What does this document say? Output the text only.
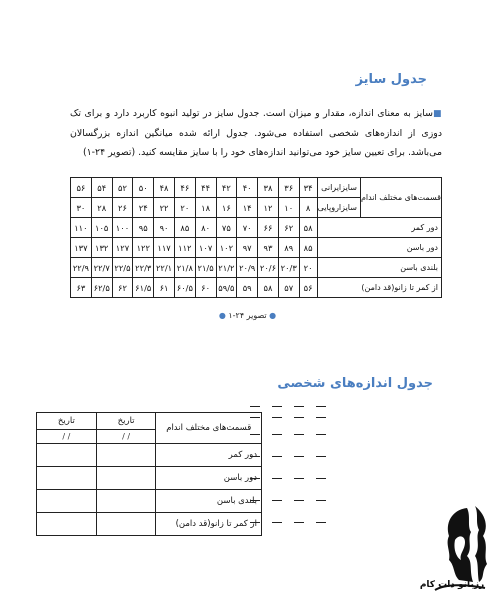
جدول سایز
■سایز به معنای اندازه، مقدار و میزان است. جدول سایز در تولید انبوه کاربرد دارد و برای تک دوزی از اندازه‌های شخصی استفاده می‌شود. جدول ارائه شده میانگین اندازه بزرگسالان می‌باشد. برای تعیین سایز خود می‌توانید اندازه‌های خود را با سایز مقایسه کنید. (تصویر ۲۴-۱)
قسمت‌های مختلف اندام	سایزایرانی	۳۴	۳۶	۳۸	۴۰	۴۲	۴۴	۴۶	۴۸	۵۰	۵۲	۵۴	۵۶
	سایزاروپایی	۸	۱۰	۱۲	۱۴	۱۶	۱۸	۲۰	۲۲	۲۴	۲۶	۲۸	۳۰
دور کمر		۵۸	۶۲	۶۶	۷۰	۷۵	۸۰	۸۵	۹۰	۹۵	۱۰۰	۱۰۵	۱۱۰
دور باسن		۸۵	۸۹	۹۳	۹۷	۱۰۲	۱۰۷	۱۱۲	۱۱۷	۱۲۲	۱۲۷	۱۳۲	۱۳۷
بلندی باسن		۲۰	۲۰/۳	۲۰/۶	۲۰/۹	۲۱/۲	۲۱/۵	۲۱/۸	۲۲/۱	۲۲/۳	۲۲/۵	۲۲/۷	۲۲/۹
از کمر تا زانو(قد دامن)		۵۶	۵۷	۵۸	۵۹	۵۹/۵	۶۰	۶۰/۵	۶۱	۶۱/۵	۶۲	۶۲/۵	۶۳
● تصویر ۲۴-۱ ●
جدول اندازه‌های شخصی
قسمت‌های مختلف اندام	تاریخ	تاریخ
	/ /	/ /
دور کمر		
دور باسن		
بلندی باسن		
از کمر تا زانو(قد دامن)		
رزبانو دات کام
